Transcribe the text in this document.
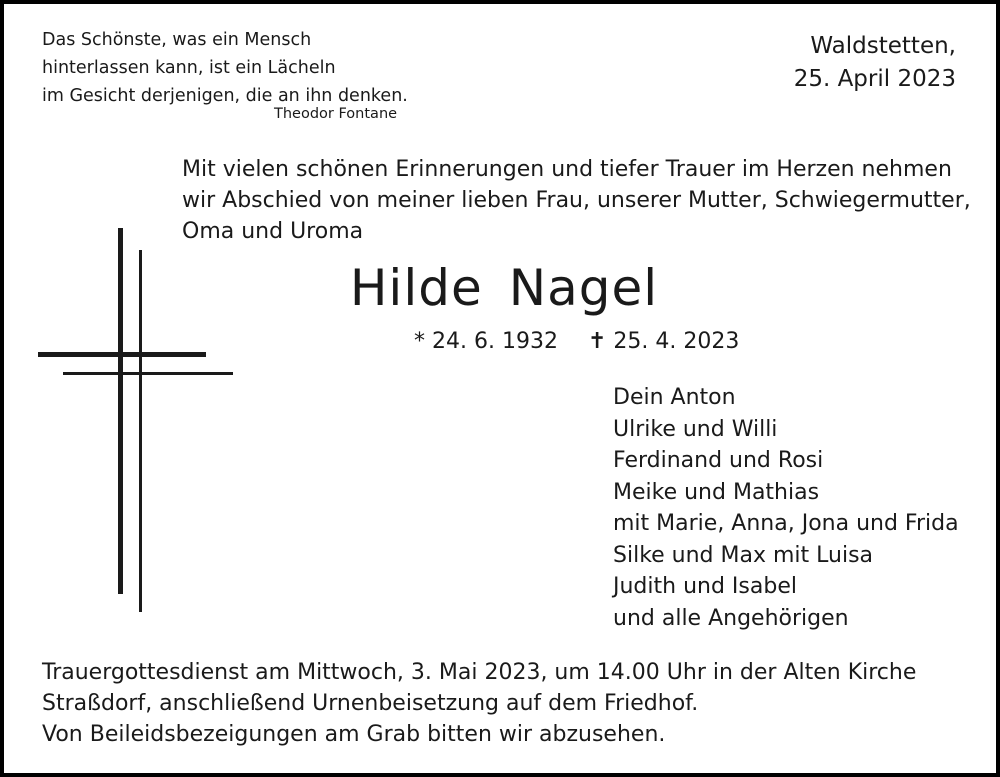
Das Schönste, was ein Mensch
hinterlassen kann, ist ein Lächeln
im Gesicht derjenigen, die an ihn denken.
Theodor Fontane
Waldstetten,
25. April 2023
Mit vielen schönen Erinnerungen und tiefer Trauer im Herzen nehmen
wir Abschied von meiner lieben Frau, unserer Mutter, Schwiegermutter,
Oma und Uroma
Hilde Nagel
* 24. 6. 1932 ✝ 25. 4. 2023
Dein Anton
Ulrike und Willi
Ferdinand und Rosi
Meike und Mathias
mit Marie, Anna, Jona und Frida
Silke und Max mit Luisa
Judith und Isabel
und alle Angehörigen
Trauergottesdienst am Mittwoch, 3. Mai 2023, um 14.00 Uhr in der Alten Kirche
Straßdorf, anschließend Urnenbeisetzung auf dem Friedhof.
Von Beileidsbezeigungen am Grab bitten wir abzusehen.
